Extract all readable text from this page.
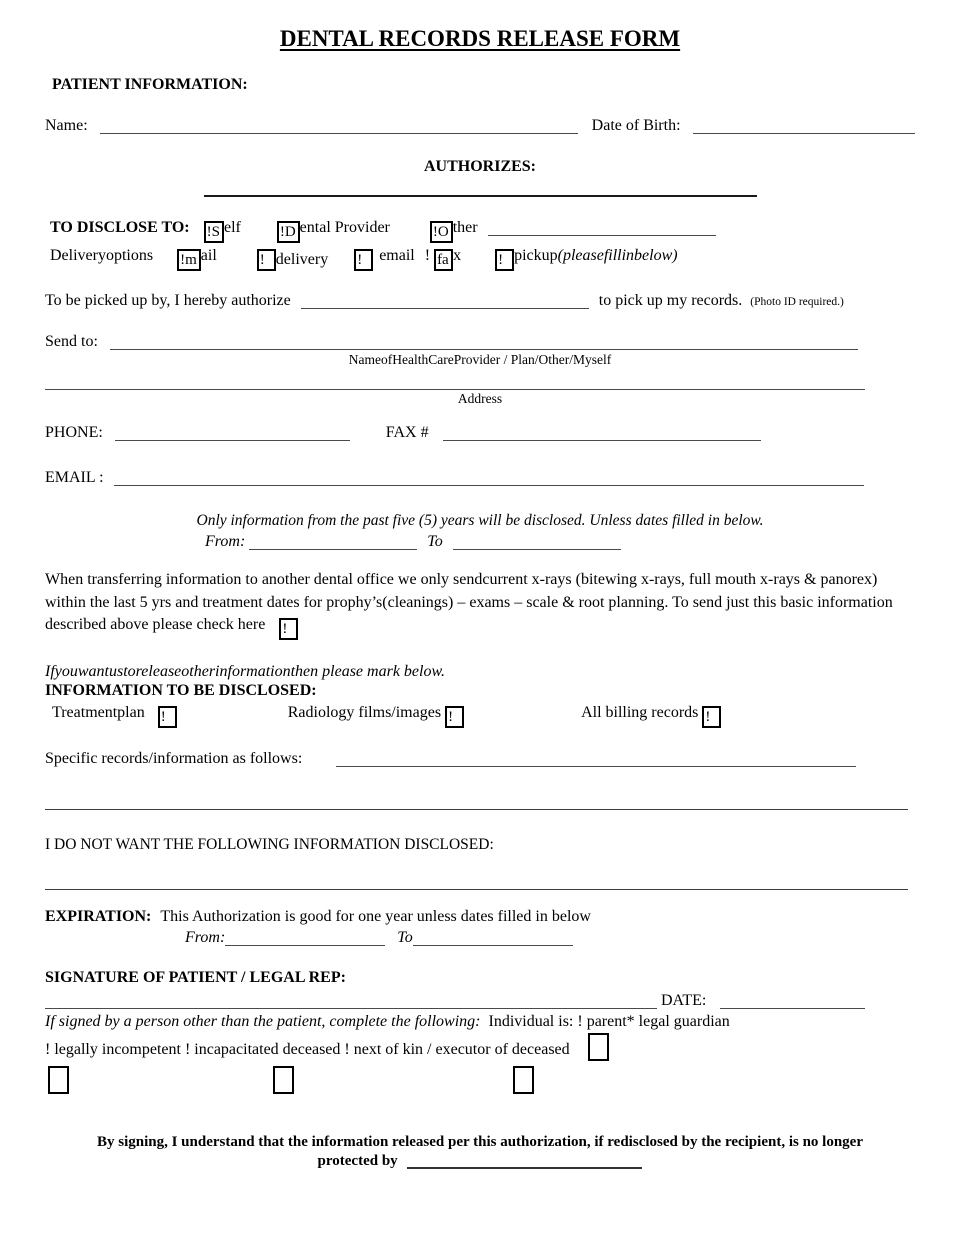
DENTAL RECORDS RELEASE FORM
PATIENT INFORMATION:
Name:	Date of Birth:
AUTHORIZES:
TO DISCLOSE TO: !S elf	!D ental Provider	!O ther
Deliveryoptions !m ail	! delivery ! email ! fa x ! pickup(pleasefillinbelow)
To be picked up by, I hereby authorize	to pick up my records. (Photo ID required.)
Send to:
NameofHealthCareProvider / Plan/Other/Myself
Address
PHONE:	FAX #
EMAIL :
Only information from the past five (5) years will be disclosed. Unless dates filled in below.
From:	To
When transferring information to another dental office we only sendcurrent x-rays (bitewing x-rays, full mouth x-rays & panorex) within the last 5 yrs and treatment dates for prophy’s(cleanings) – exams – scale & root planning. To send just this basic information described above please check here !
Ifyouwantustoreleaseotherinformationthen please mark below.
INFORMATION TO BE DISCLOSED:
Treatmentplan !	Radiology films/images !	All billing records !
Specific records/information as follows:
I DO NOT WANT THE FOLLOWING INFORMATION DISCLOSED:
EXPIRATION: This Authorization is good for one year unless dates filled in below
From:	To
SIGNATURE OF PATIENT / LEGAL REP:
DATE:
If signed by a person other than the patient, complete the following: Individual is: ! parent* legal guardian
! legally incompetent ! incapacitated deceased ! next of kin / executor of deceased

By signing, I understand that the information released per this authorization, if redisclosed by the recipient, is no longer protected by
